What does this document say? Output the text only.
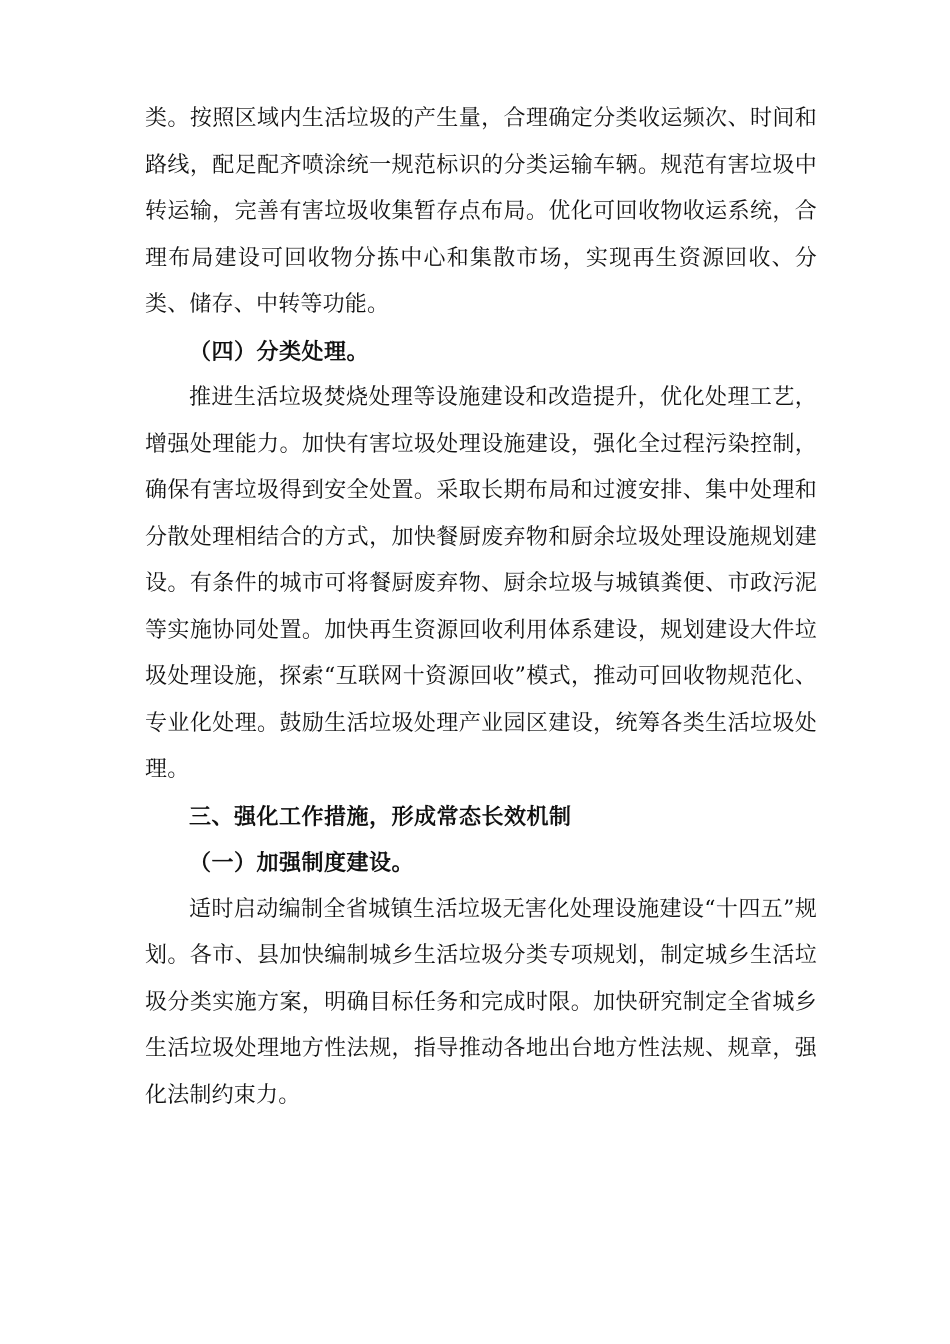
类。按照区域内生活垃圾的产生量，合理确定分类收运频次、时间和路线，配足配齐喷涂统一规范标识的分类运输车辆。规范有害垃圾中转运输，完善有害垃圾收集暂存点布局。优化可回收物收运系统，合理布局建设可回收物分拣中心和集散市场，实现再生资源回收、分类、储存、中转等功能。

（四）分类处理。

推进生活垃圾焚烧处理等设施建设和改造提升，优化处理工艺，增强处理能力。加快有害垃圾处理设施建设，强化全过程污染控制，确保有害垃圾得到安全处置。采取长期布局和过渡安排、集中处理和分散处理相结合的方式，加快餐厨废弃物和厨余垃圾处理设施规划建设。有条件的城市可将餐厨废弃物、厨余垃圾与城镇粪便、市政污泥等实施协同处置。加快再生资源回收利用体系建设，规划建设大件垃圾处理设施，探索“互联网十资源回收”模式，推动可回收物规范化、专业化处理。鼓励生活垃圾处理产业园区建设，统筹各类生活垃圾处理。

三、强化工作措施，形成常态长效机制

（一）加强制度建设。

适时启动编制全省城镇生活垃圾无害化处理设施建设“十四五”规划。各市、县加快编制城乡生活垃圾分类专项规划，制定城乡生活垃圾分类实施方案，明确目标任务和完成时限。加快研究制定全省城乡生活垃圾处理地方性法规，指导推动各地出台地方性法规、规章，强化法制约束力。
